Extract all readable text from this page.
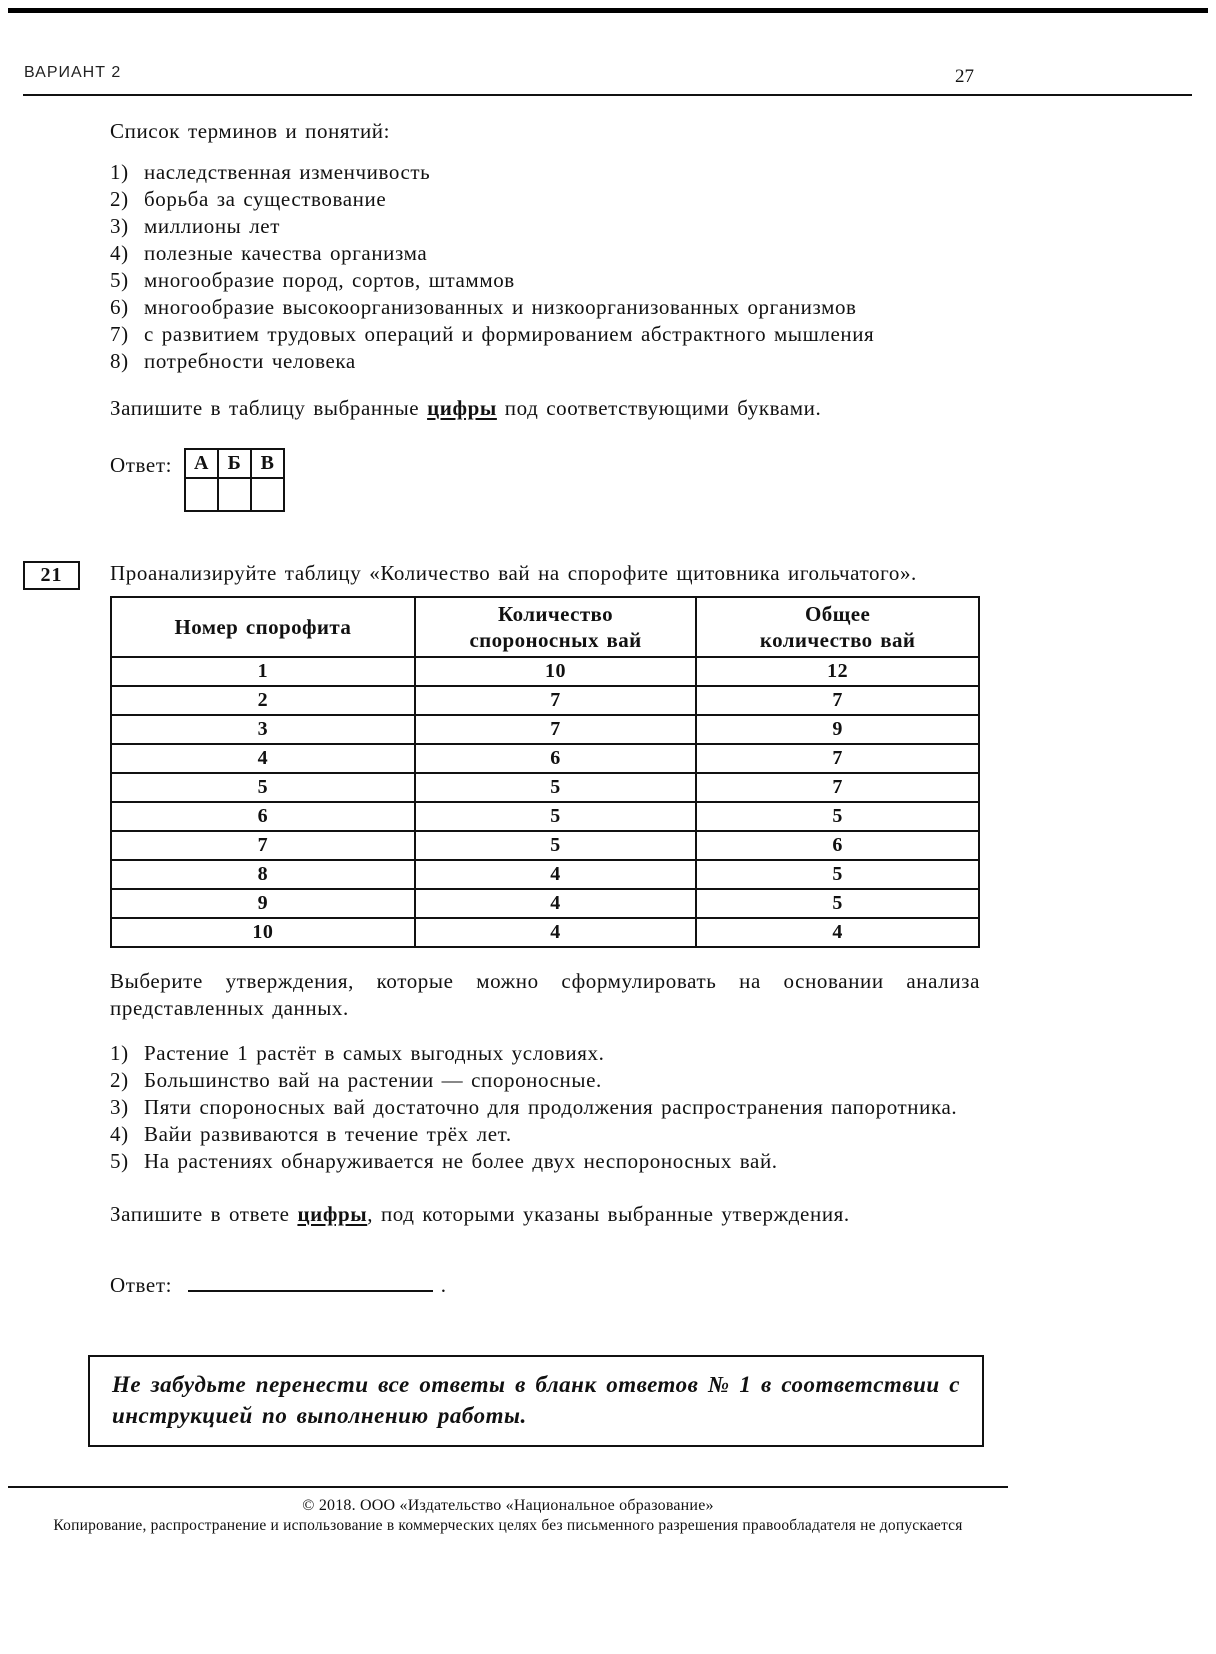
ВАРИАНТ 2	27

Список терминов и понятий:

1) наследственная изменчивость
2) борьба за существование
3) миллионы лет
4) полезные качества организма
5) многообразие пород, сортов, штаммов
6) многообразие высокоорганизованных и низкоорганизованных организмов
7) с развитием трудовых операций и формированием абстрактного мышления
8) потребности человека

Запишите в таблицу выбранные цифры под соответствующими буквами.

Ответ: А	Б	В

21	Проанализируйте таблицу «Количество вай на спорофите щитовника игольчатого».

Номер спорофита	Количество спороносных вай	Общее количество вай
1	10	12
2	7	7
3	7	9
4	6	7
5	5	7
6	5	5
7	5	6
8	4	5
9	4	5
10	4	4

Выберите утверждения, которые можно сформулировать на основании анализа представленных данных.

1) Растение 1 растёт в самых выгодных условиях.
2) Большинство вай на растении — спороносные.
3) Пяти спороносных вай достаточно для продолжения распространения папоротника.
4) Вайи развиваются в течение трёх лет.
5) На растениях обнаруживается не более двух неспороносных вай.

Запишите в ответе цифры, под которыми указаны выбранные утверждения.

Ответ:	.
Не забудьте перенести все ответы в бланк ответов № 1 в соответствии с инструкцией по выполнению работы.
© 2018. ООО «Издательство «Национальное образование»
Копирование, распространение и использование в коммерческих целях без письменного разрешения правообладателя не допускается
